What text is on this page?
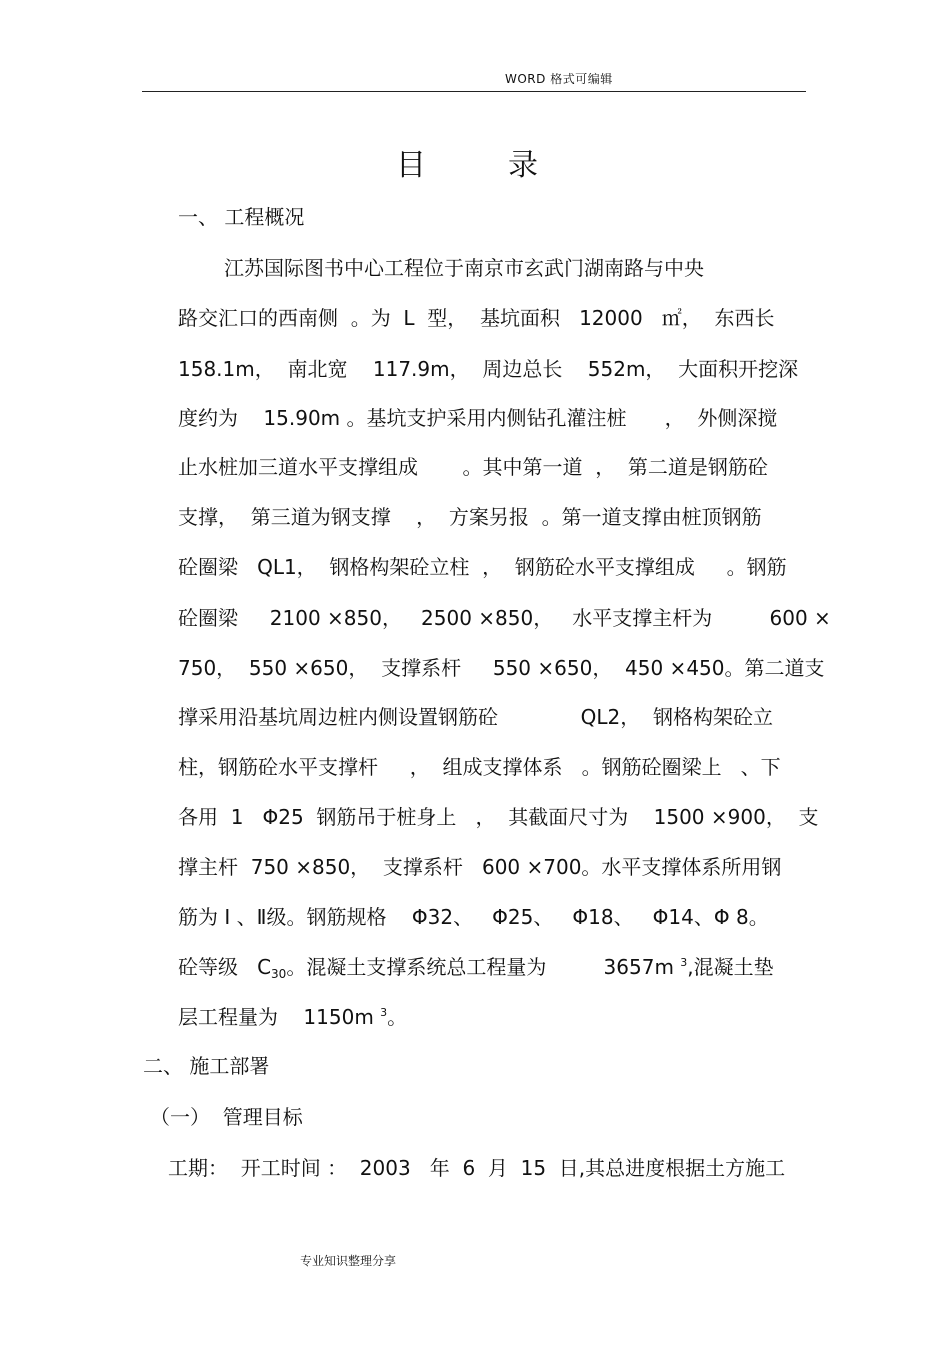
WORD 格式可编辑
目	录
一、 工程概况
江苏国际图书中心工程位于南京市玄武门湖南路与中央
路交汇口的西南侧  。为  L  型，  基坑面积   12000   ㎡，  东西长
158.1m，  南北宽    117.9m，  周边总长    552m，  大面积开挖深
度约为    15.90m 。基坑支护采用内侧钻孔灌注桩      ，  外侧深搅
止水桩加三道水平支撑组成       。其中第一道  ，  第二道是钢筋砼
支撑，  第三道为钢支撑    ，  方案另报  。第一道支撑由桩顶钢筋
砼圈梁   QL1，  钢格构架砼立柱  ，  钢筋砼水平支撑组成     。钢筋
砼圈梁     2100 ×850，   2500 ×850，   水平支撑主杆为         600 ×
750，  550 ×650，  支撑系杆     550 ×650，  450 ×450。第二道支
撑采用沿基坑周边桩内侧设置钢筋砼             QL2，  钢格构架砼立
柱，钢筋砼水平支撑杆     ，  组成支撑体系   。钢筋砼圈梁上   、下
各用  1   Φ25  钢筋吊于桩身上   ，  其截面尺寸为    1500 ×900，  支
撑主杆  750 ×850，  支撑系杆   600 ×700。水平支撑体系所用钢
筋为 Ⅰ 、Ⅱ级。钢筋规格    Φ32、   Φ25、   Φ18、   Φ14、Φ 8。
砼等级   $C_{30}$。混凝土支撑系统总工程量为         3657m $^3$,混凝土垫
层工程量为    1150m $^3$。
二、 施工部署
（一）  管理目标
工期：  开工时间 ：  2003   年  6  月  15  日,其总进度根据土方施工
专业知识整理分享
